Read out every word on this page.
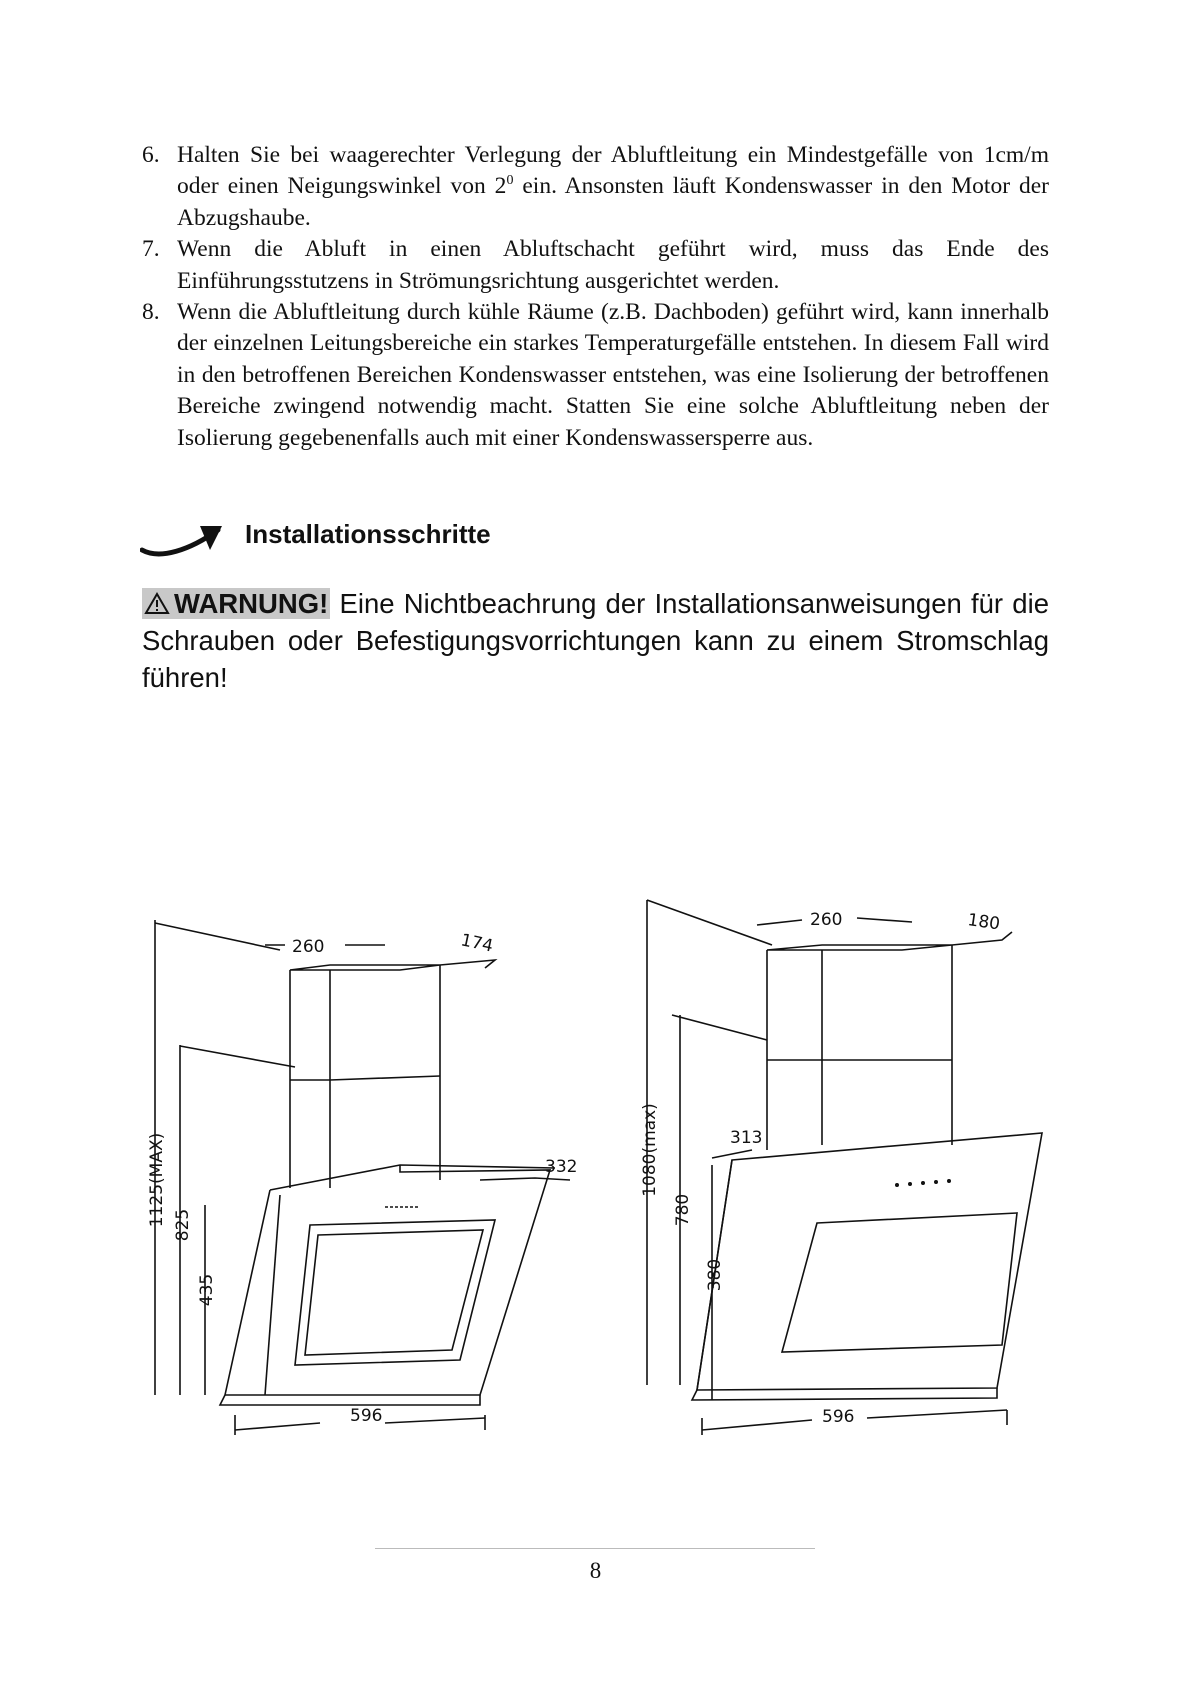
6. Halten Sie bei waagerechter Verlegung der Abluftleitung ein Mindestgefälle von 1cm/m oder einen Neigungswinkel von $2^0$ ein. Ansonsten läuft Kondenswasser in den Motor der Abzugshaube.
7. Wenn die Abluft in einen Abluftschacht geführt wird, muss das Ende des Einführungsstutzens in Strömungsrichtung ausgerichtet werden.
8. Wenn die Abluftleitung durch kühle Räume (z.B. Dachboden) geführt wird, kann innerhalb der einzelnen Leitungsbereiche ein starkes Temperaturgefälle entstehen. In diesem Fall wird in den betroffenen Bereichen Kondenswasser entstehen, was eine Isolierung der betroffenen Bereiche zwingend notwendig macht. Statten Sie eine solche Abluftleitung neben der Isolierung gegebenenfalls auch mit einer Kondenswassersperre aus.
Installationsschritte
WARNUNG! Eine Nichtbeachrung der Installationsanweisungen für die Schrauben oder Befestigungsvorrichtungen kann zu einem Stromschlag führen!
260	174
332
1125(MAX) 825
435
596
260	180
1080(max)
780
380
313
596
8
